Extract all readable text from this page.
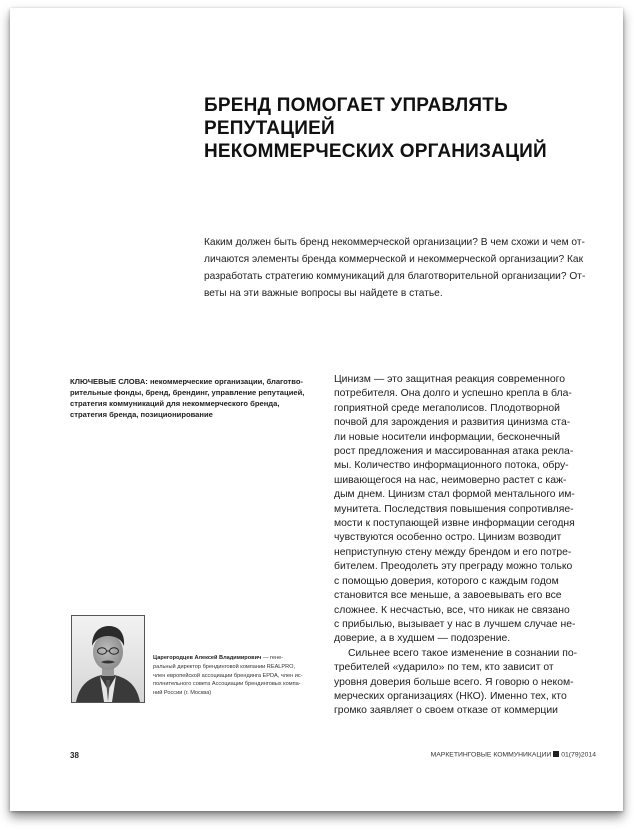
БРЕНД ПОМОГАЕТ УПРАВЛЯТЬ РЕПУТАЦИЕЙ
НЕКОММЕРЧЕСКИХ ОРГАНИЗАЦИЙ
Каким должен быть бренд некоммерческой организации? В чем схожи и чем от-
личаются элементы бренда коммерческой и некоммерческой организации? Как
разработать стратегию коммуникаций для благотворительной организации? От-
веты на эти важные вопросы вы найдете в статье.
КЛЮЧЕВЫЕ СЛОВА: некоммерческие организации, благотво-
рительные фонды, бренд, брендинг, управление репутацией,
стратегия коммуникаций для некоммерческого бренда,
стратегия бренда, позиционирование
Цинизм — это защитная реакция современного
потребителя. Она долго и успешно крепла в бла-
гоприятной среде мегаполисов. Плодотворной
почвой для зарождения и развития цинизма ста-
ли новые носители информации, бесконечный
рост предложения и массированная атака рекла-
мы. Количество информационного потока, обру-
шивающегося на нас, неимоверно растет с каж-
дым днем. Цинизм стал формой ментального им-
мунитета. Последствия повышения сопротивляе-
мости к поступающей извне информации сегодня
чувствуются особенно остро. Цинизм возводит
неприступную стену между брендом и его потре-
бителем. Преодолеть эту преграду можно только
с помощью доверия, которого с каждым годом
становится все меньше, а завоевывать его все
сложнее. К несчастью, все, что никак не связано
с прибылью, вызывает у нас в лучшем случае не-
доверие, а в худшем — подозрение.
Сильнее всего такое изменение в сознании по-
требителей «ударило» по тем, кто зависит от
уровня доверия больше всего. Я говорю о неком-
мерческих организациях (НКО). Именно тех, кто
громко заявляет о своем отказе от коммерции
Царегородцев Алексей Владимирович — гене-
ральный директор брендинговой компании REALPRO,
член европейской ассоциации брендинга EPDA, член ис-
полнительного совета Ассоциации брендинговых компа-
ний России (г. Москва)
38	МАРКЕТИНГОВЫЕ КОММУНИКАЦИИ 01(79)2014
